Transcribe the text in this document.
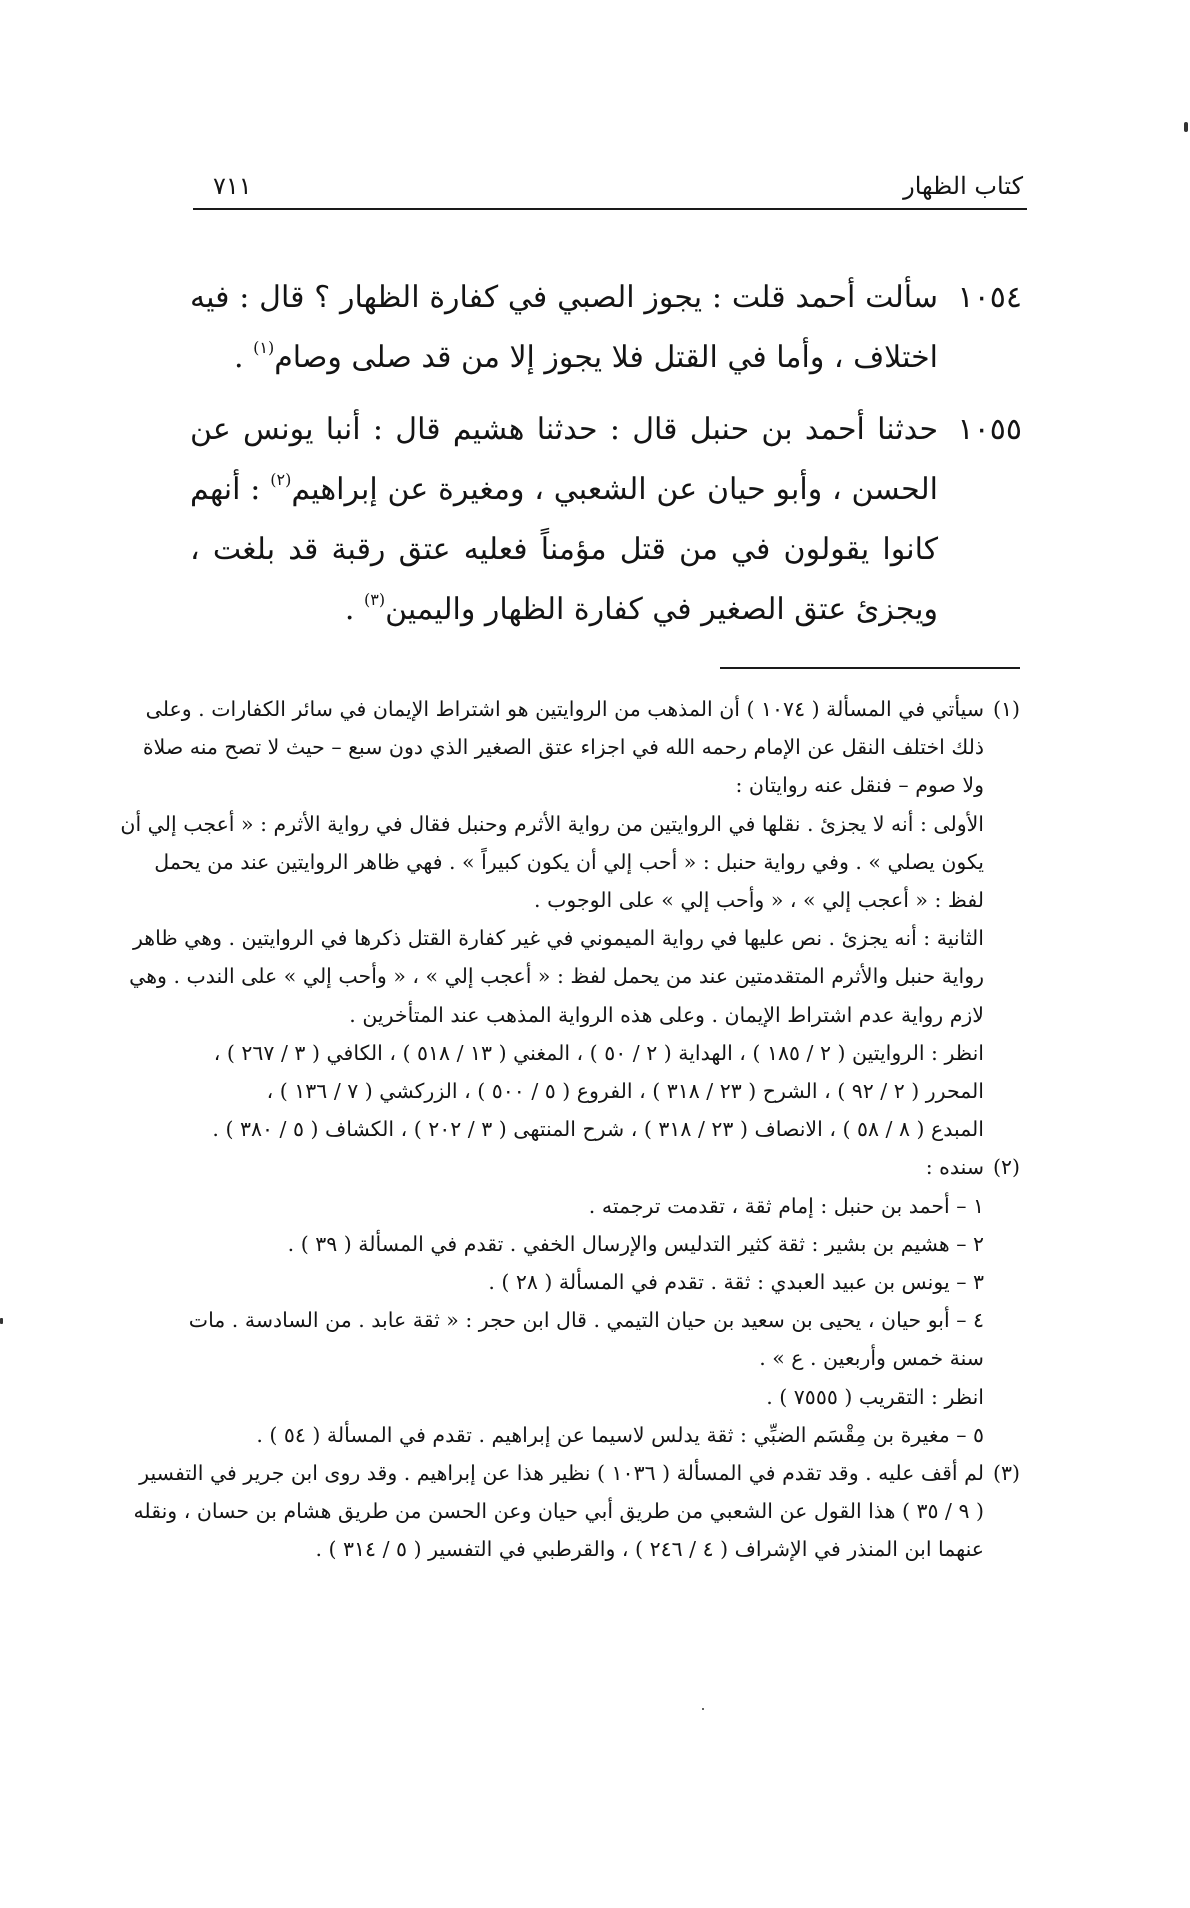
كتاب الظهار
٧١١
١٠٥٤
سألت أحمد قلت : يجوز الصبي في كفارة الظهار ؟ قال : فيه اختلاف ، وأما في القتل فلا يجوز إلا من قد صلى وصام$^{(١)}$ .
١٠٥٥
حدثنا أحمد بن حنبل قال : حدثنا هشيم قال : أنبا يونس عن الحسن ، وأبو حيان عن الشعبي ، ومغيرة عن إبراهيم$^{(٢)}$ : أنهم كانوا يقولون في من قتل مؤمناً فعليه عتق رقبة قد بلغت ، ويجزئ عتق الصغير في كفارة الظهار واليمين$^{(٣)}$ .
(١)
سيأتي في المسألة ( ١٠٧٤ ) أن المذهب من الروايتين هو اشتراط الإيمان في سائر الكفارات . وعلى
ذلك اختلف النقل عن الإمام رحمه الله في اجزاء عتق الصغير الذي دون سبع – حيث لا تصح منه صلاة
ولا صوم – فنقل عنه روايتان :
الأولى : أنه لا يجزئ . نقلها في الروايتين من رواية الأثرم وحنبل فقال في رواية الأثرم : « أعجب إلي أن
يكون يصلي » . وفي رواية حنبل : « أحب إلي أن يكون كبيراً » . فهي ظاهر الروايتين عند من يحمل
لفظ : « أعجب إلي » ، « وأحب إلي » على الوجوب .
الثانية : أنه يجزئ . نص عليها في رواية الميموني في غير كفارة القتل ذكرها في الروايتين . وهي ظاهر
رواية حنبل والأثرم المتقدمتين عند من يحمل لفظ : « أعجب إلي » ، « وأحب إلي » على الندب . وهي
لازم رواية عدم اشتراط الإيمان . وعلى هذه الرواية المذهب عند المتأخرين .
انظر : الروايتين ( ٢ / ١٨٥ ) ، الهداية ( ٢ / ٥٠ ) ، المغني ( ١٣ / ٥١٨ ) ، الكافي ( ٣ / ٢٦٧ ) ،
المحرر ( ٢ / ٩٢ ) ، الشرح ( ٢٣ / ٣١٨ ) ، الفروع ( ٥ / ٥٠٠ ) ، الزركشي ( ٧ / ١٣٦ ) ،
المبدع ( ٨ / ٥٨ ) ، الانصاف ( ٢٣ / ٣١٨ ) ، شرح المنتهى ( ٣ / ٢٠٢ ) ، الكشاف ( ٥ / ٣٨٠ ) .
(٢)
سنده :
١ – أحمد بن حنبل : إمام ثقة ، تقدمت ترجمته .
٢ – هشيم بن بشير : ثقة كثير التدليس والإرسال الخفي . تقدم في المسألة ( ٣٩ ) .
٣ – يونس بن عبيد العبدي : ثقة . تقدم في المسألة ( ٢٨ ) .
٤ – أبو حيان ، يحيى بن سعيد بن حيان التيمي . قال ابن حجر : « ثقة عابد . من السادسة . مات
سنة خمس وأربعين . ع » .
انظر : التقريب ( ٧٥٥٥ ) .
٥ – مغيرة بن مِقْسَم الضبِّي : ثقة يدلس لاسيما عن إبراهيم . تقدم في المسألة ( ٥٤ ) .
(٣)
لم أقف عليه . وقد تقدم في المسألة ( ١٠٣٦ ) نظير هذا عن إبراهيم . وقد روى ابن جرير في التفسير
( ٩ / ٣٥ ) هذا القول عن الشعبي من طريق أبي حيان وعن الحسن من طريق هشام بن حسان ، ونقله
عنهما ابن المنذر في الإشراف ( ٤ / ٢٤٦ ) ، والقرطبي في التفسير ( ٥ / ٣١٤ ) .
